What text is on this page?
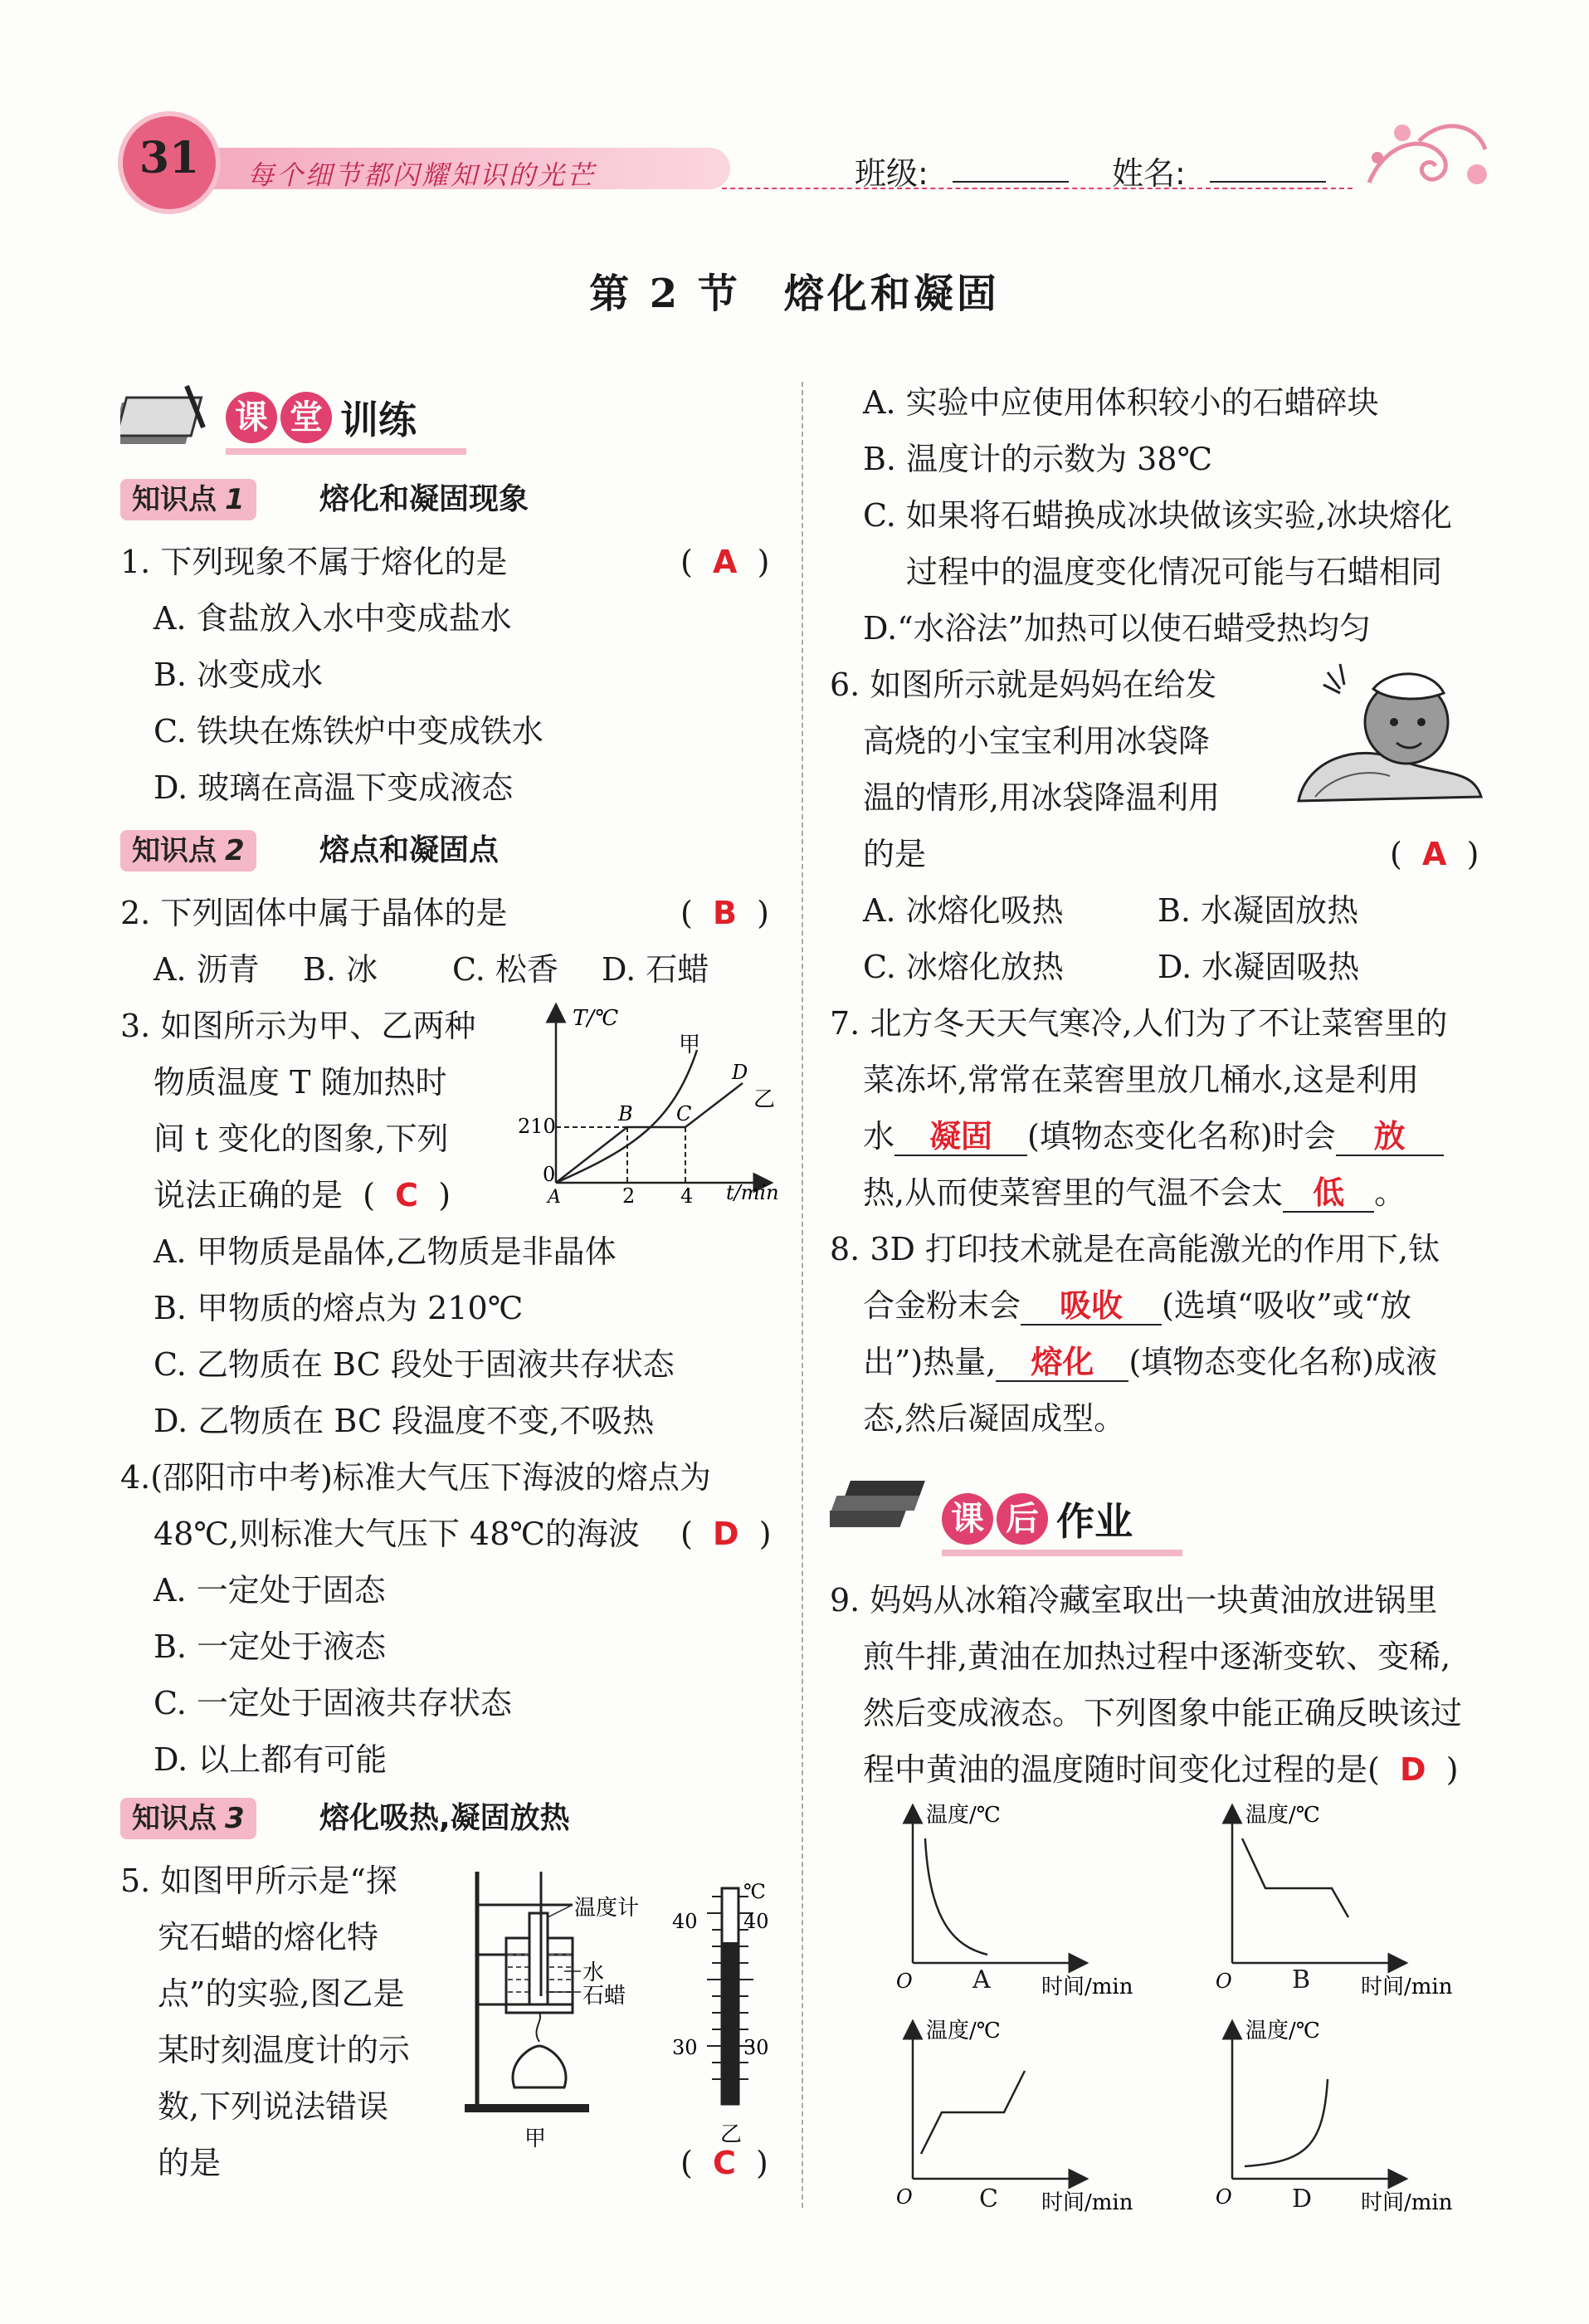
31	每个细节都闪耀知识的光芒	班级:	姓名:
第 2 节　熔化和凝固
课 堂 训练
知识点 1	熔化和凝固现象
1. 下列现象不属于熔化的是	(  A  )
A. 食盐放入水中变成盐水
B. 冰变成水
C. 铁块在炼铁炉中变成铁水
D. 玻璃在高温下变成液态
知识点 2	熔点和凝固点
2. 下列固体中属于晶体的是	(  B  )
A. 沥青 B. 冰 C. 松香 D. 石蜡
3. 如图所示为甲、乙两种
物质温度 T 随加热时
间 t 变化的图象,下列
说法正确的是  (  C  )
T/℃
t/min
210
0
A	2 4
B C
D
甲
乙
A. 甲物质是晶体,乙物质是非晶体
B. 甲物质的熔点为 210℃
C. 乙物质在 BC 段处于固液共存状态
D. 乙物质在 BC 段温度不变,不吸热
4.(邵阳市中考)标准大气压下海波的熔点为
48℃,则标准大气压下 48℃的海波 (  D  )
A. 一定处于固态
B. 一定处于液态
C. 一定处于固液共存状态
D. 以上都有可能
知识点 3	熔化吸热,凝固放热
5. 如图甲所示是“探
究石蜡的熔化特
点”的实验,图乙是
某时刻温度计的示
数,下列说法错误
的是	(  C  )
温度计
水
石蜡
甲
℃
40 40
30 30
乙
A. 实验中应使用体积较小的石蜡碎块
B. 温度计的示数为 38℃
C. 如果将石蜡换成冰块做该实验,冰块熔化
过程中的温度变化情况可能与石蜡相同
D.“水浴法”加热可以使石蜡受热均匀
6. 如图所示就是妈妈在给发
高烧的小宝宝利用冰袋降
温的情形,用冰袋降温利用
的是	(  A  )
A. 冰熔化吸热	B. 水凝固放热
C. 冰熔化放热	D. 水凝固吸热
7. 北方冬天天气寒冷,人们为了不让菜窖里的
菜冻坏,常常在菜窖里放几桶水,这是利用
水 凝固 (填物态变化名称)时会 放
热,从而使菜窖里的气温不会太 低 。
8. 3D 打印技术就是在高能激光的作用下,钛
合金粉末会 吸收 (选填“吸收”或“放
出”)热量, 熔化 (填物态变化名称)成液
态,然后凝固成型。
课 后 作业
9. 妈妈从冰箱冷藏室取出一块黄油放进锅里
煎牛排,黄油在加热过程中逐渐变软、变稀,
然后变成液态。下列图象中能正确反映该过
程中黄油的温度随时间变化过程的是(  D  )
温度/℃
时间/min
O A
温度/℃
时间/min
O B
温度/℃
时间/min
O	C
温度/℃
时间/min
O D
